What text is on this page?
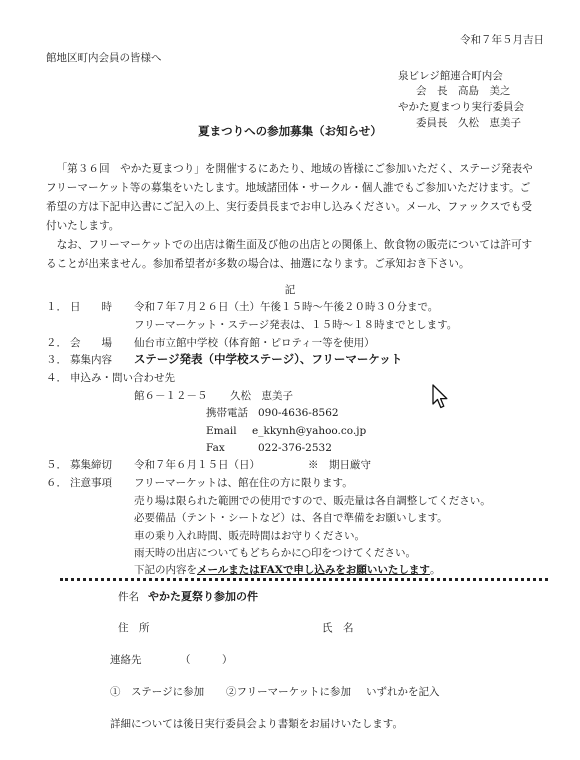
令和７年５月吉日
館地区町内会員の皆様へ
泉ビレジ館連合町内会
会　長　高島　美之
やかた夏まつり実行委員会
委員長　久松　恵美子
夏まつりへの参加募集（お知らせ）
「第３６回　やかた夏まつり」を開催するにあたり、地域の皆様にご参加いただく、ステージ発表やフリーマーケット等の募集をいたします。地域諸団体・サークル・個人誰でもご参加いただけます。ご希望の方は下記申込書にご記入の上、実行委員長までお申し込みください。メール、ファックスでも受付いたします。
なお、フリーマーケットでの出店は衛生面及び他の出店との関係上、飲食物の販売については許可することが出来ません。参加希望者が多数の場合は、抽選になります。ご承知おき下さい。
記
１． 日　　時 令和７年７月２６日（土）午後１５時～午後２０時３０分まで。
フリーマーケット・ステージ発表は、１５時～１８時までとします。
２． 会　　場 仙台市立館中学校（体育館・ピロティ一等を使用）
３． 募集内容 ステージ発表（中学校ステージ）、フリーマーケット
４． 申込み・問い合わせ先
館６－１２－５ 久松　恵美子
携帯電話 090-4636-8562
Email e_kkynh@yahoo.co.jp
Fax	022-376-2532
５． 募集締切 令和７年６月１５日（日）	※　期日厳守
６． 注意事項 フリーマーケットは、館在住の方に限ります。
売り場は限られた範囲での使用ですので、販売量は各自調整してください。
必要備品（テント・シートなど）は、各自で準備をお願いします。
車の乗り入れ時間、販売時間はお守りください。
雨天時の出店についてもどちらかに○印をつけてください。
下記の内容をメールまたはFAXで申し込みをお願いいたします。
件名 やかた夏祭り参加の件
住　所	氏　名
連絡先	（　　　）
①　ステージに参加 ②フリーマーケットに参加 いずれかを記入
詳細については後日実行委員会より書類をお届けいたします。
